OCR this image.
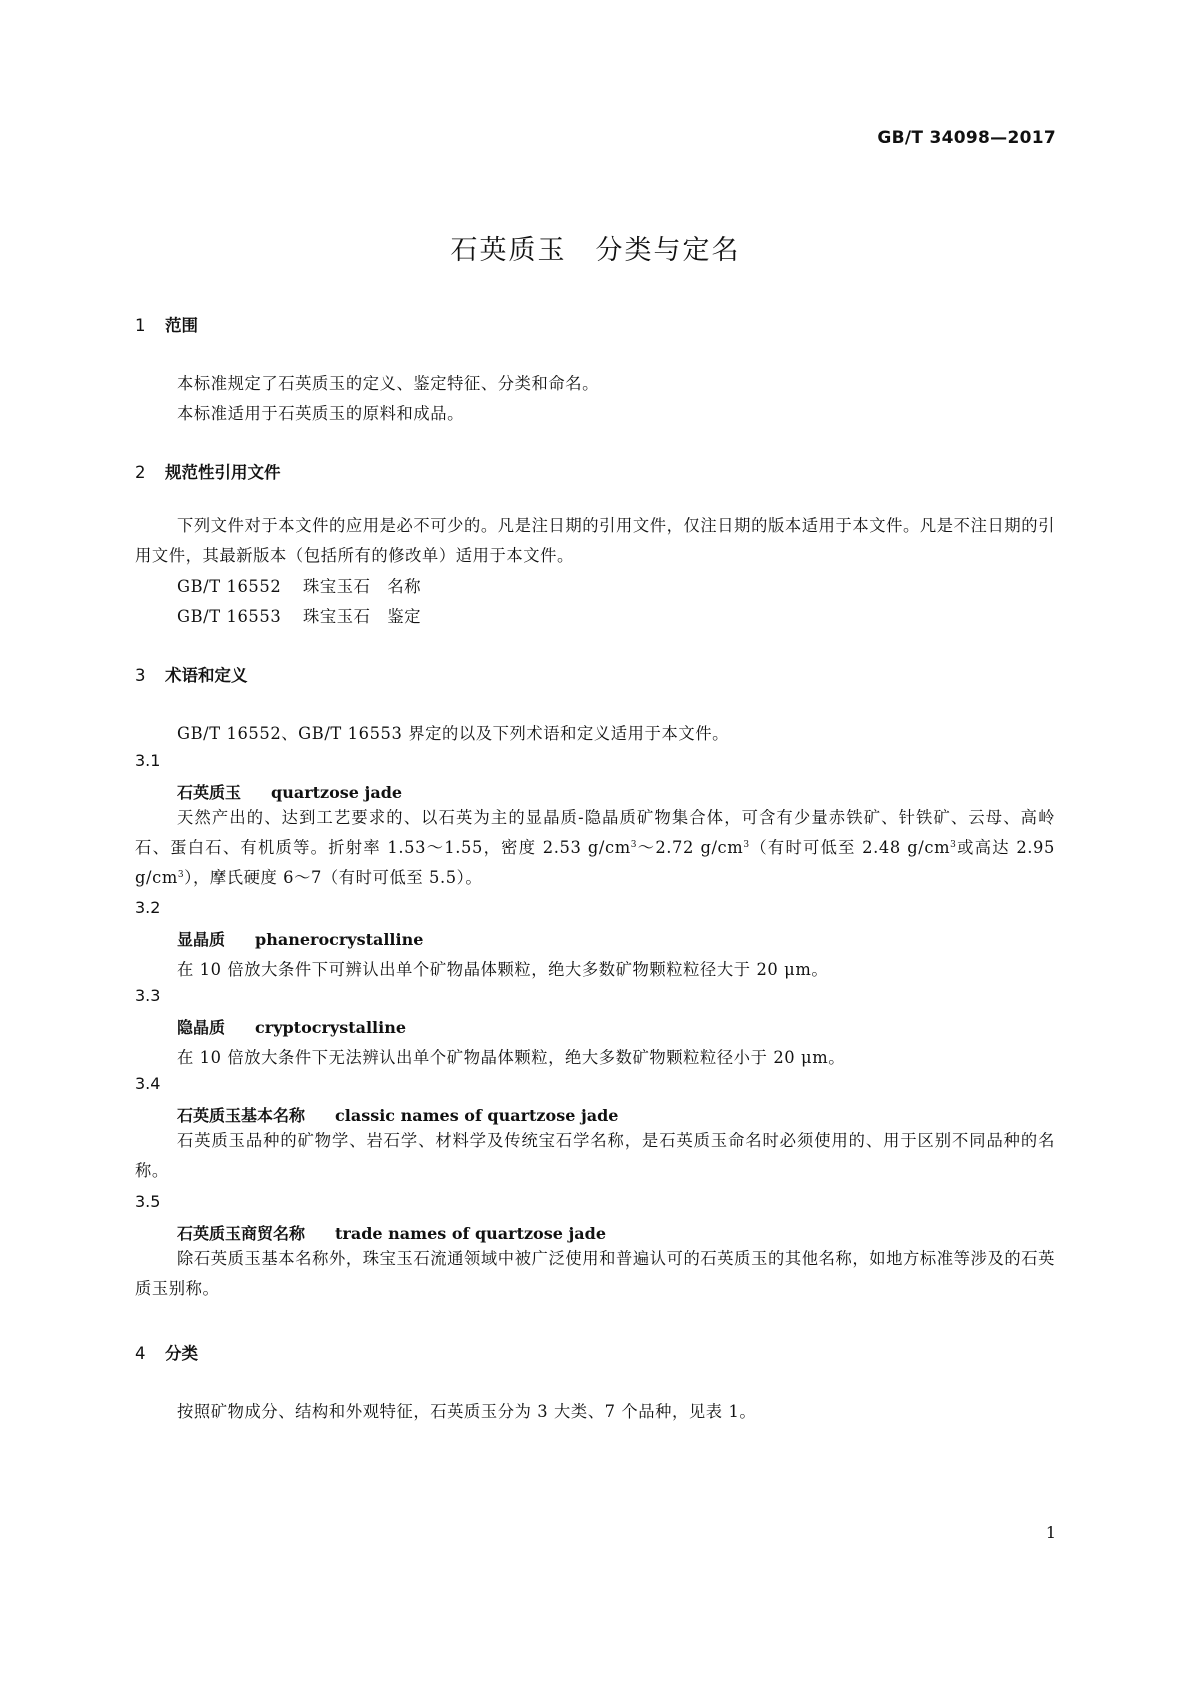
GB/T 34098—2017
石英质玉　分类与定名
1 范围
本标准规定了石英质玉的定义、鉴定特征、分类和命名。
本标准适用于石英质玉的原料和成品。
2 规范性引用文件
下列文件对于本文件的应用是必不可少的。凡是注日期的引用文件，仅注日期的版本适用于本文件。凡是不注日期的引用文件，其最新版本（包括所有的修改单）适用于本文件。
GB/T 16552 珠宝玉石　名称
GB/T 16553 珠宝玉石　鉴定
3 术语和定义
GB/T 16552、GB/T 16553 界定的以及下列术语和定义适用于本文件。
3.1
石英质玉 quartzose jade
天然产出的、达到工艺要求的、以石英为主的显晶质-隐晶质矿物集合体，可含有少量赤铁矿、针铁矿、云母、高岭石、蛋白石、有机质等。折射率 1.53～1.55，密度 2.53 $g/cm^3\sim 2.72$ $g/cm^3$（有时可低至 2.48 $g/cm^3$或高达 2.95 $g/cm^3$），摩氏硬度 6～7（有时可低至 5.5）。
3.2
显晶质 phanerocrystalline
在 10 倍放大条件下可辨认出单个矿物晶体颗粒，绝大多数矿物颗粒粒径大于 20 μm。
3.3
隐晶质 cryptocrystalline
在 10 倍放大条件下无法辨认出单个矿物晶体颗粒，绝大多数矿物颗粒粒径小于 20 μm。
3.4
石英质玉基本名称 classic names of quartzose jade
石英质玉品种的矿物学、岩石学、材料学及传统宝石学名称，是石英质玉命名时必须使用的、用于区别不同品种的名称。
3.5
石英质玉商贸名称 trade names of quartzose jade
除石英质玉基本名称外，珠宝玉石流通领域中被广泛使用和普遍认可的石英质玉的其他名称，如地方标准等涉及的石英质玉别称。
4 分类
按照矿物成分、结构和外观特征，石英质玉分为 3 大类、7 个品种，见表 1。
1
